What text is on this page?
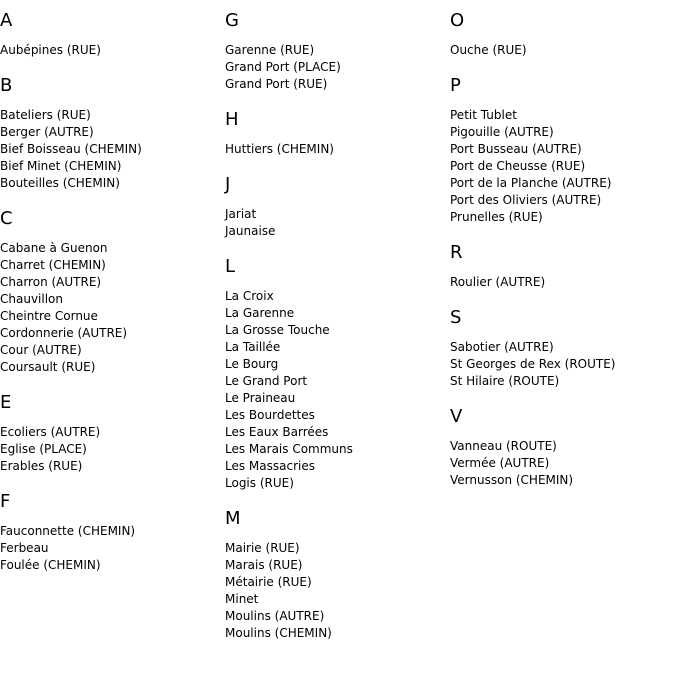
A
Aubépines (RUE)
B
Bateliers (RUE)
Berger (AUTRE)
Bief Boisseau (CHEMIN)
Bief Minet (CHEMIN)
Bouteilles (CHEMIN)
C
Cabane à Guenon
Charret (CHEMIN)
Charron (AUTRE)
Chauvillon
Cheintre Cornue
Cordonnerie (AUTRE)
Cour (AUTRE)
Coursault (RUE)
E
Ecoliers (AUTRE)
Eglise (PLACE)
Erables (RUE)
F
Fauconnette (CHEMIN)
Ferbeau
Foulée (CHEMIN)
G
Garenne (RUE)
Grand Port (PLACE)
Grand Port (RUE)
H
Huttiers (CHEMIN)
J
Jariat
Jaunaise
L
La Croix
La Garenne
La Grosse Touche
La Taillée
Le Bourg
Le Grand Port
Le Praineau
Les Bourdettes
Les Eaux Barrées
Les Marais Communs
Les Massacries
Logis (RUE)
M
Mairie (RUE)
Marais (RUE)
Métairie (RUE)
Minet
Moulins (AUTRE)
Moulins (CHEMIN)
O
Ouche (RUE)
P
Petit Tublet
Pigouille (AUTRE)
Port Busseau (AUTRE)
Port de Cheusse (RUE)
Port de la Planche (AUTRE)
Port des Oliviers (AUTRE)
Prunelles (RUE)
R
Roulier (AUTRE)
S
Sabotier (AUTRE)
St Georges de Rex (ROUTE)
St Hilaire (ROUTE)
V
Vanneau (ROUTE)
Vermée (AUTRE)
Vernusson (CHEMIN)
